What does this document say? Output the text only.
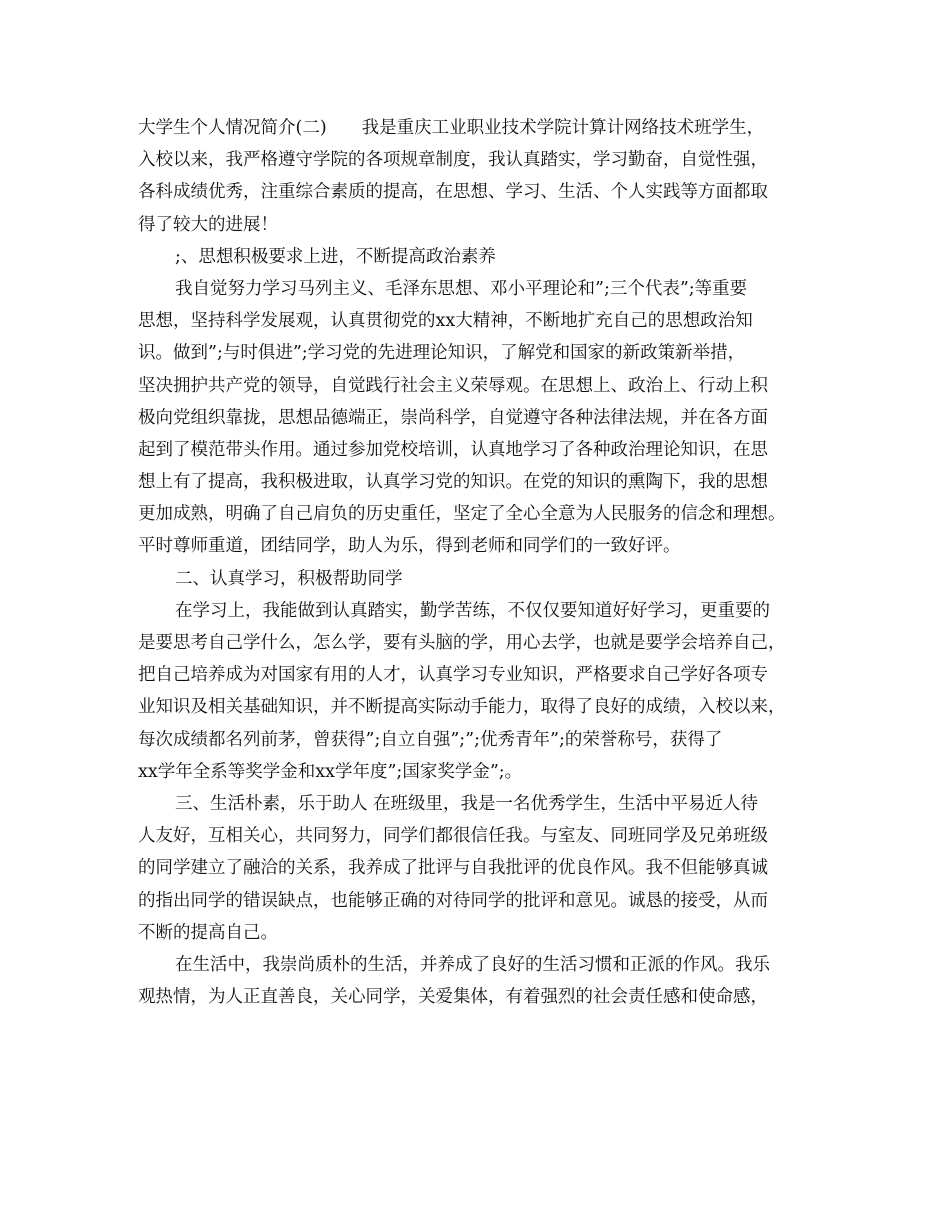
大学生个人情况简介(二)　　我是重庆工业职业技术学院计算计网络技术班学生，
入校以来，我严格遵守学院的各项规章制度，我认真踏实，学习勤奋，自觉性强，
各科成绩优秀，注重综合素质的提高，在思想、学习、生活、个人实践等方面都取
得了较大的进展！
;、思想积极要求上进，不断提高政治素养
我自觉努力学习马列主义、毛泽东思想、邓小平理论和”;三个代表”;等重要
思想，坚持科学发展观，认真贯彻党的xx大精神，不断地扩充自己的思想政治知
识。做到”;与时俱进”;学习党的先进理论知识，了解党和国家的新政策新举措，
坚决拥护共产党的领导，自觉践行社会主义荣辱观。在思想上、政治上、行动上积
极向党组织靠拢，思想品德端正，崇尚科学，自觉遵守各种法律法规，并在各方面
起到了模范带头作用。通过参加党校培训，认真地学习了各种政治理论知识，在思
想上有了提高，我积极进取，认真学习党的知识。在党的知识的熏陶下，我的思想
更加成熟，明确了自己肩负的历史重任，坚定了全心全意为人民服务的信念和理想。
平时尊师重道，团结同学，助人为乐，得到老师和同学们的一致好评。
二、认真学习，积极帮助同学
在学习上，我能做到认真踏实，勤学苦练，不仅仅要知道好好学习，更重要的
是要思考自己学什么，怎么学，要有头脑的学，用心去学，也就是要学会培养自己，
把自己培养成为对国家有用的人才，认真学习专业知识，严格要求自己学好各项专
业知识及相关基础知识，并不断提高实际动手能力，取得了良好的成绩，入校以来，
每次成绩都名列前茅，曾获得”;自立自强”;”;优秀青年”;的荣誉称号，获得了
xx学年全系等奖学金和xx学年度”;国家奖学金”;。
三、生活朴素，乐于助人 在班级里，我是一名优秀学生，生活中平易近人待
人友好，互相关心，共同努力，同学们都很信任我。与室友、同班同学及兄弟班级
的同学建立了融洽的关系，我养成了批评与自我批评的优良作风。我不但能够真诚
的指出同学的错误缺点，也能够正确的对待同学的批评和意见。诚恳的接受，从而
不断的提高自己。
在生活中，我崇尚质朴的生活，并养成了良好的生活习惯和正派的作风。我乐
观热情，为人正直善良，关心同学，关爱集体，有着强烈的社会责任感和使命感，
